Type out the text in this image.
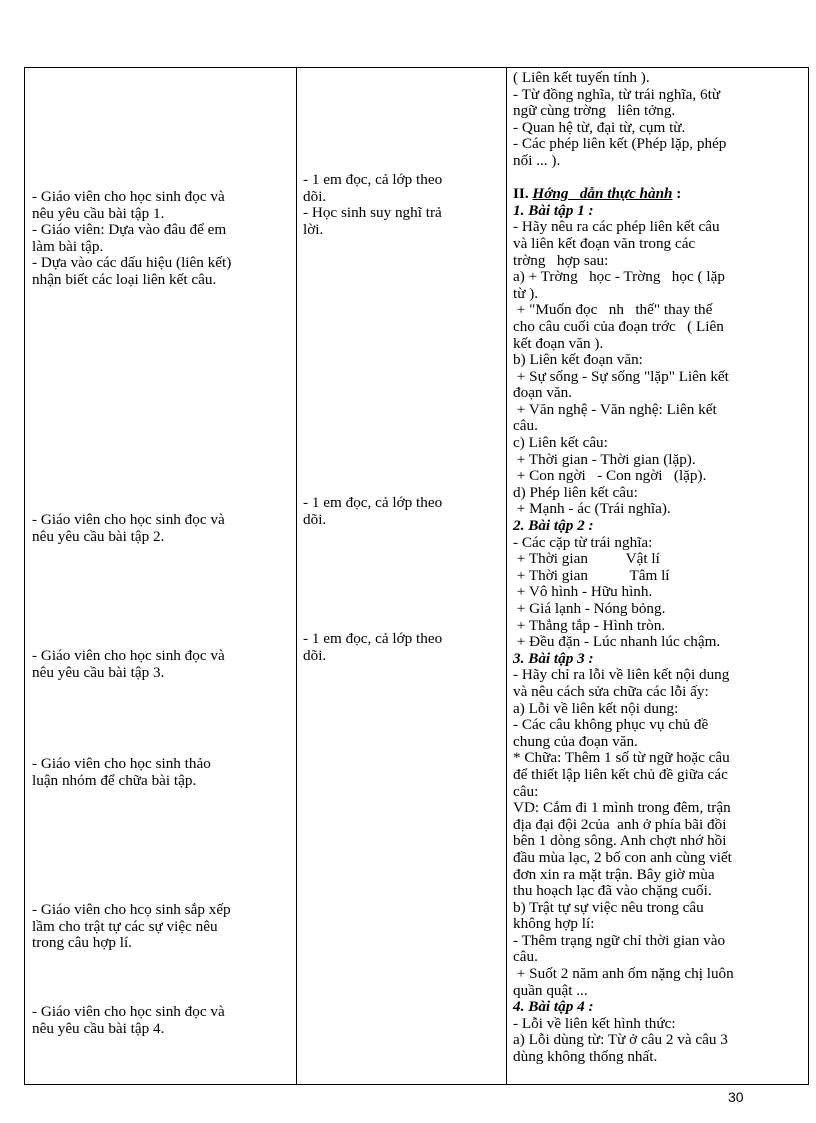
- Giáo viên cho học sinh đọc và
nêu yêu cầu bài tập 1.
- Giáo viên: Dựa vào đâu để em
làm bài tập.
- Dựa vào các dấu hiệu (liên kết)
nhận biết các loại liên kết câu.
- Giáo viên cho học sinh đọc và
nêu yêu cầu bài tập 2.
- Giáo viên cho học sinh đọc và
nêu yêu cầu bài tập 3.
- Giáo viên cho học sinh thảo
luận nhóm để chữa bài tập.
- Giáo viên cho hcọ sinh sắp xếp
lầm cho trật tự các sự việc nêu
trong câu hợp lí.
- Giáo viên cho học sinh đọc và
nêu yêu cầu bài tập 4.
- 1 em đọc, cả lớp theo
dõi.
- Học sinh suy nghĩ trả
lời.
- 1 em đọc, cả lớp theo
dõi.
- 1 em đọc, cả lớp theo
dõi.
( Liên kết tuyến tính ).
- Từ đồng nghĩa, từ trái nghĩa, 6từ
ngữ cùng trờng   liên tởng.
- Quan hệ từ, đại từ, cụm từ.
- Các phép liên kết (Phép lặp, phép
nối ... ).
II. Hớng   dẫn thực hành :
1. Bài tập 1 :
- Hãy nêu ra các phép liên kết câu
và liên kết đoạn văn trong các
trờng   hợp sau:
a) + Trờng   học - Trờng   học ( lặp
từ ).
+ "Muốn đọc   nh   thế" thay thế
cho câu cuối của đoạn trớc   ( Liên
kết đoạn văn ).
b) Liên kết đoạn văn:
+ Sự sống - Sự sống "lặp" Liên kết
đoạn văn.
+ Văn nghệ - Văn nghệ: Liên kết
câu.
c) Liên kết câu:
+ Thời gian - Thời gian (lặp).
+ Con ngời   - Con ngời   (lặp).
d) Phép liên kết câu:
+ Mạnh - ác (Trái nghĩa).
2. Bài tập 2 :
- Các cặp từ trái nghĩa:
+ Thời gian          Vật lí
+ Thời gian           Tâm lí
+ Vô hình - Hữu hình.
+ Giá lạnh - Nóng bỏng.
+ Thẳng tắp - Hình tròn.
+ Đều đặn - Lúc nhanh lúc chậm.
3. Bài tập 3 :
- Hãy chỉ ra lỗi về liên kết nội dung
và nêu cách sửa chữa các lỗi ấy:
a) Lỗi về liên kết nội dung:
- Các câu không phục vụ chủ đề
chung của đoạn văn.
* Chữa: Thêm 1 số từ ngữ hoặc câu
để thiết lập liên kết chủ đề giữa các
câu:
VD: Cắm đi 1 mình trong đêm, trận
địa đại đội 2của  anh ở phía bãi đồi
bên 1 dòng sông. Anh chợt nhớ hồi
đầu mùa lạc, 2 bố con anh cùng viết
đơn xin ra mặt trận. Bây giờ mùa
thu hoạch lạc đã vào chặng cuối.
b) Trật tự sự việc nêu trong câu
không hợp lí:
- Thêm trạng ngữ chỉ thời gian vào
câu.
+ Suốt 2 năm anh ốm nặng chị luôn
quần quật ...
4. Bài tập 4 :
- Lỗi về liên kết hình thức:
a) Lỗi dùng từ: Từ ở câu 2 và câu 3
dùng không thống nhất.
30
